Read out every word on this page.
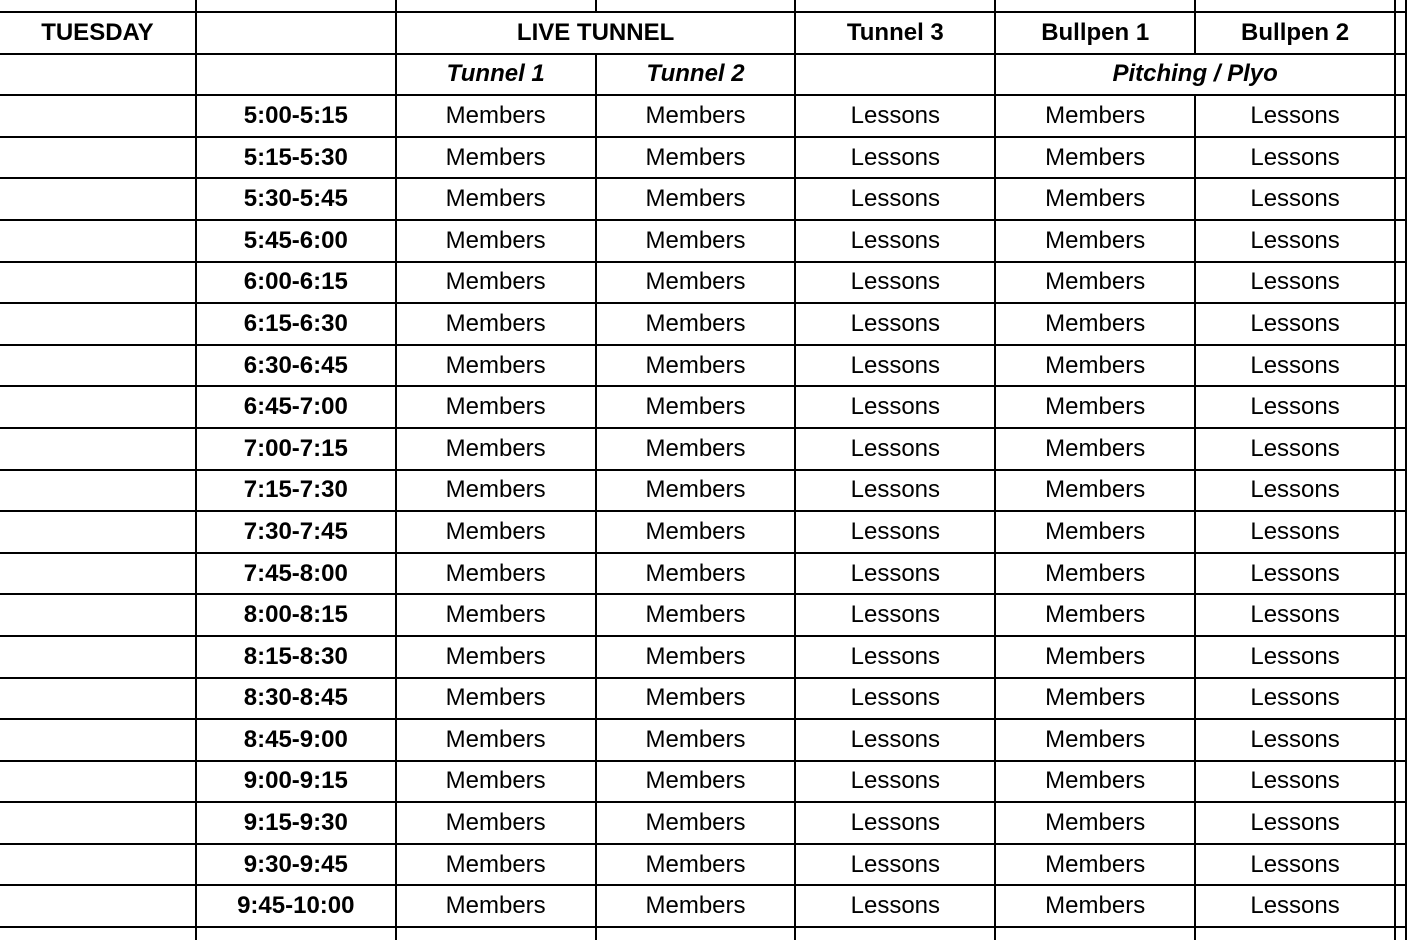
TUESDAY		LIVE TUNNEL		Tunnel 3	Bullpen 1	Bullpen 2	
		Tunnel 1	Tunnel 2		Pitching / Plyo		
	5:00-5:15	Members	Members	Lessons	Members	Lessons	
	5:15-5:30	Members	Members	Lessons	Members	Lessons	
	5:30-5:45	Members	Members	Lessons	Members	Lessons	
	5:45-6:00	Members	Members	Lessons	Members	Lessons	
	6:00-6:15	Members	Members	Lessons	Members	Lessons	
	6:15-6:30	Members	Members	Lessons	Members	Lessons	
	6:30-6:45	Members	Members	Lessons	Members	Lessons	
	6:45-7:00	Members	Members	Lessons	Members	Lessons	
	7:00-7:15	Members	Members	Lessons	Members	Lessons	
	7:15-7:30	Members	Members	Lessons	Members	Lessons	
	7:30-7:45	Members	Members	Lessons	Members	Lessons	
	7:45-8:00	Members	Members	Lessons	Members	Lessons	
	8:00-8:15	Members	Members	Lessons	Members	Lessons	
	8:15-8:30	Members	Members	Lessons	Members	Lessons	
	8:30-8:45	Members	Members	Lessons	Members	Lessons	
	8:45-9:00	Members	Members	Lessons	Members	Lessons	
	9:00-9:15	Members	Members	Lessons	Members	Lessons	
	9:15-9:30	Members	Members	Lessons	Members	Lessons	
	9:30-9:45	Members	Members	Lessons	Members	Lessons	
	9:45-10:00	Members	Members	Lessons	Members	Lessons	
